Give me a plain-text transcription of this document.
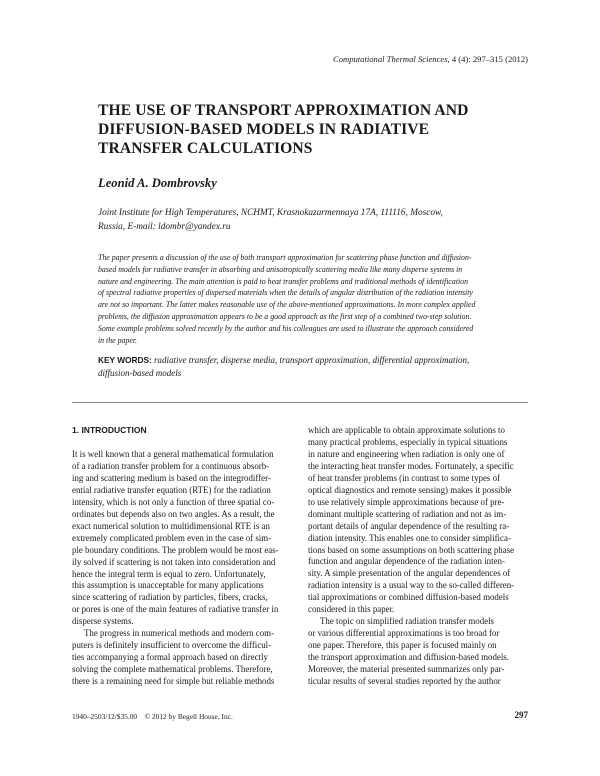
Computational Thermal Sciences, 4 (4): 297–315 (2012)
THE USE OF TRANSPORT APPROXIMATION AND
DIFFUSION-BASED MODELS IN RADIATIVE
TRANSFER CALCULATIONS
Leonid A. Dombrovsky
Joint Institute for High Temperatures, NCHMT, Krasnokazarmennaya 17A, 111116, Moscow,
Russia, E-mail: ldombr@yandex.ru
The paper presents a discussion of the use of both transport approximation for scattering phase function and diffusion-
based models for radiative transfer in absorbing and anisotropically scattering media like many disperse systems in
nature and engineering. The main attention is paid to heat transfer problems and traditional methods of identification
of spectral radiative properties of dispersed materials when the details of angular distribution of the radiation intensity
are not so important. The latter makes reasonable use of the above-mentioned approximations. In more complex applied
problems, the diffusion approximation appears to be a good approach as the first step of a combined two-step solution.
Some example problems solved recently by the author and his colleagues are used to illustrate the approach considered
in the paper.
KEY WORDS: radiative transfer, disperse media, transport approximation, differential approximation,
diffusion-based models
1. INTRODUCTION
It is well known that a general mathematical formulation
of a radiation transfer problem for a continuous absorb-
ing and scattering medium is based on the integrodiffer-
ential radiative transfer equation (RTE) for the radiation
intensity, which is not only a function of three spatial co-
ordinates but depends also on two angles. As a result, the
exact numerical solution to multidimensional RTE is an
extremely complicated problem even in the case of sim-
ple boundary conditions. The problem would be most eas-
ily solved if scattering is not taken into consideration and
hence the integral term is equal to zero. Unfortunately,
this assumption is unacceptable for many applications
since scattering of radiation by particles, fibers, cracks,
or pores is one of the main features of radiative transfer in
disperse systems.
The progress in numerical methods and modern com-
puters is definitely insufficient to overcome the difficul-
ties accompanying a formal approach based on directly
solving the complete mathematical problems. Therefore,
there is a remaining need for simple but reliable methods
which are applicable to obtain approximate solutions to
many practical problems, especially in typical situations
in nature and engineering when radiation is only one of
the interacting heat transfer modes. Fortunately, a specific
of heat transfer problems (in contrast to some types of
optical diagnostics and remote sensing) makes it possible
to use relatively simple approximations because of pre-
dominant multiple scattering of radiation and not as im-
portant details of angular dependence of the resulting ra-
diation intensity. This enables one to consider simplifica-
tions based on some assumptions on both scattering phase
function and angular dependence of the radiation inten-
sity. A simple presentation of the angular dependences of
radiation intensity is a usual way to the so-called differen-
tial approximations or combined diffusion-based models
considered in this paper.
The topic on simplified radiation transfer models
or various differential approximations is too broad for
one paper. Therefore, this paper is focused mainly on
the transport approximation and diffusion-based models.
Moreover, the material presented summarizes only par-
ticular results of several studies reported by the author
1940–2503/12/$35.00 © 2012 by Begell House, Inc.	297
